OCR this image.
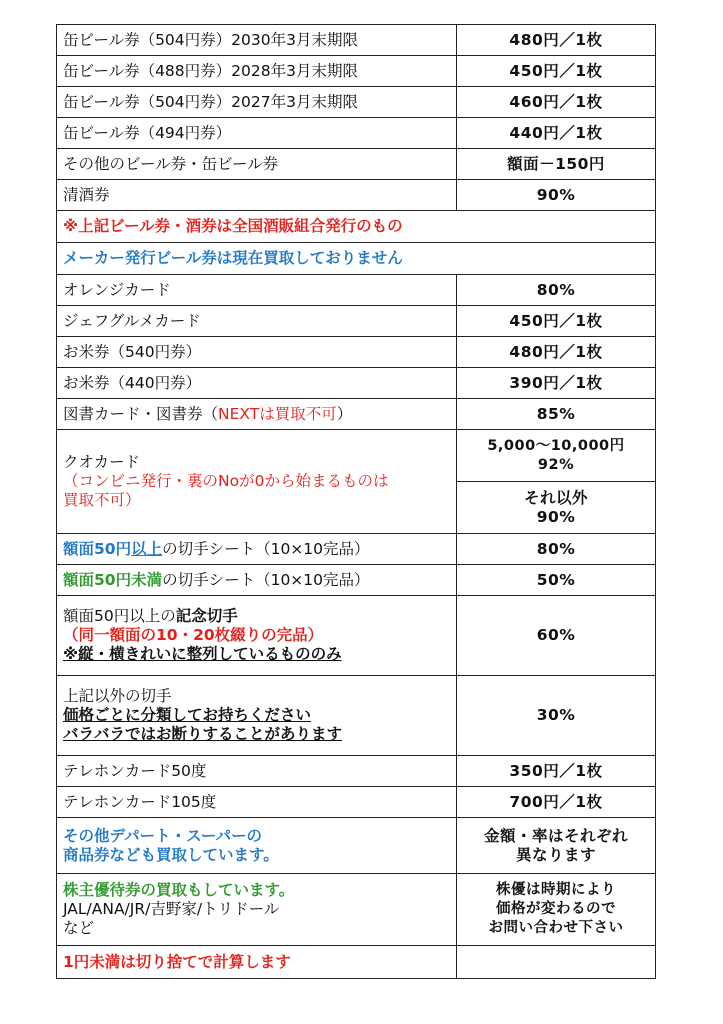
缶ビール券（504円券）2030年3月末期限	480円／1枚
缶ビール券（488円券）2028年3月末期限	450円／1枚
缶ビール券（504円券）2027年3月末期限	460円／1枚
缶ビール券（494円券）	440円／1枚
その他のビール券・缶ビール券	額面－150円
清酒券	90%
※上記ビール券・酒券は全国酒販組合発行のもの	
メーカー発行ビール券は現在買取しておりません	
オレンジカード	80%
ジェフグルメカード	450円／1枚
お米券（540円券）	480円／1枚
お米券（440円券）	390円／1枚
図書カード・図書券（NEXTは買取不可）	85%

クオカード
（コンビニ発行・裏のNoが0から始まるものは
買取不可）	5,000～10,000円
92%

	それ以外
90%

額面50円以上の切手シート（10×10完品）	80%
額面50円未満の切手シート（10×10完品）	50%

額面50円以上の記念切手
（同一額面の10・20枚綴りの完品）
※縦・横きれいに整列しているもののみ	60%

上記以外の切手
価格ごとに分類してお持ちください
バラバラではお断りすることがあります	30%
テレホンカード50度	350円／1枚
テレホンカード105度	700円／1枚

その他デパート・スーパーの
商品券なども買取しています。	金額・率はそれぞれ
異なります

株主優待券の買取もしています。
JAL/ANA/JR/吉野家/トリドール
など	株優は時期により
価格が変わるので
お問い合わせ下さい

1円未満は切り捨てで計算します	
